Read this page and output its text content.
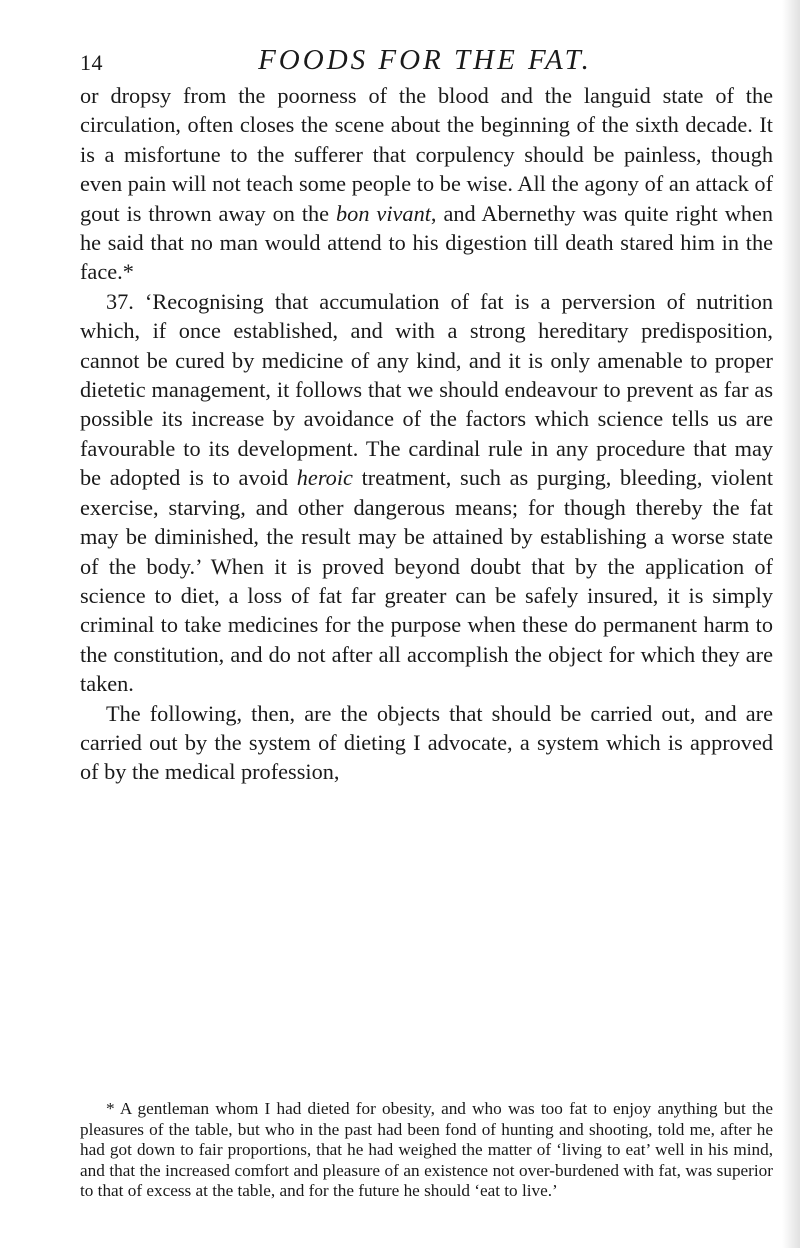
14	FOODS FOR THE FAT.

or dropsy from the poorness of the blood and the languid state of the circulation, often closes the scene about the beginning of the sixth decade. It is a misfortune to the sufferer that corpulency should be painless, though even pain will not teach some people to be wise. All the agony of an attack of gout is thrown away on the bon vivant, and Abernethy was quite right when he said that no man would attend to his digestion till death stared him in the face.*

37. ‘Recognising that accumulation of fat is a perversion of nutrition which, if once established, and with a strong hereditary predisposition, cannot be cured by medicine of any kind, and it is only amenable to proper dietetic management, it follows that we should endeavour to prevent as far as possible its increase by avoidance of the factors which science tells us are favourable to its development. The cardinal rule in any procedure that may be adopted is to avoid heroic treatment, such as purging, bleeding, violent exercise, starving, and other dangerous means; for though thereby the fat may be diminished, the result may be attained by establishing a worse state of the body.’ When it is proved beyond doubt that by the application of science to diet, a loss of fat far greater can be safely insured, it is simply criminal to take medicines for the purpose when these do permanent harm to the constitution, and do not after all accomplish the object for which they are taken.

The following, then, are the objects that should be carried out, and are carried out by the system of dieting I advocate, a system which is approved of by the medical profession,

* A gentleman whom I had dieted for obesity, and who was too fat to enjoy anything but the pleasures of the table, but who in the past had been fond of hunting and shooting, told me, after he had got down to fair proportions, that he had weighed the matter of ‘living to eat’ well in his mind, and that the increased comfort and pleasure of an existence not over-burdened with fat, was superior to that of excess at the table, and for the future he should ‘eat to live.’
